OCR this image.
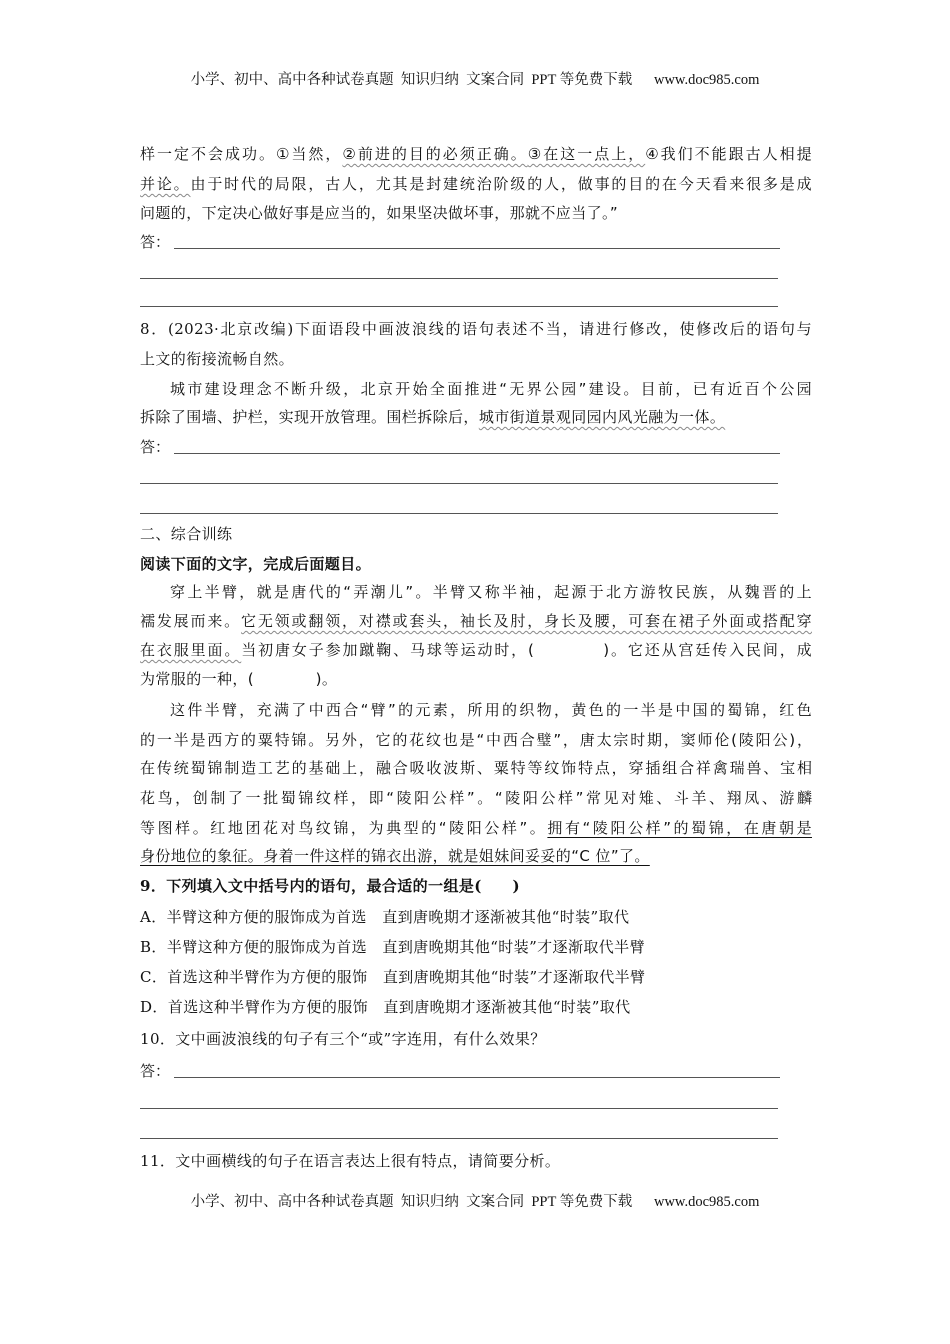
小学、初中、高中各种试卷真题  知识归纳  文案合同  PPT 等免费下载      www.doc985.com
样一定不会成功。①当然，②前进的目的必须正确。③在这一点上，④我们不能跟古人相提
并论。由于时代的局限，古人，尤其是封建统治阶级的人，做事的目的在今天看来很多是成
问题的，下定决心做好事是应当的，如果坚决做坏事，那就不应当了。”
答：
8．(2023·北京改编)下面语段中画波浪线的语句表述不当，请进行修改，使修改后的语句与
上文的衔接流畅自然。
城市建设理念不断升级，北京开始全面推进“无界公园”建设。目前，已有近百个公园
拆除了围墙、护栏，实现开放管理。围栏拆除后，城市街道景观同园内风光融为一体。
答：
二、综合训练
阅读下面的文字，完成后面题目。
穿上半臂，就是唐代的“弄潮儿”。半臂又称半袖，起源于北方游牧民族，从魏晋的上
襦发展而来。它无领或翻领，对襟或套头，袖长及肘，身长及腰，可套在裙子外面或搭配穿
在衣服里面。当初唐女子参加蹴鞠、马球等运动时，(　　　　)。它还从宫廷传入民间，成
为常服的一种，(　　　　)。
这件半臂，充满了中西合“臂”的元素，所用的织物，黄色的一半是中国的蜀锦，红色
的一半是西方的粟特锦。另外，它的花纹也是“中西合璧”，唐太宗时期，窦师伦(陵阳公)，
在传统蜀锦制造工艺的基础上，融合吸收波斯、粟特等纹饰特点，穿插组合祥禽瑞兽、宝相
花鸟，创制了一批蜀锦纹样，即“陵阳公样”。“陵阳公样”常见对雉、斗羊、翔凤、游麟
等图样。红地团花对鸟纹锦，为典型的“陵阳公样”。拥有“陵阳公样”的蜀锦，在唐朝是
身份地位的象征。身着一件这样的锦衣出游，就是姐妹间妥妥的“C 位”了。
9．下列填入文中括号内的语句，最合适的一组是(　　)
A．半臂这种方便的服饰成为首选　直到唐晚期才逐渐被其他“时装”取代
B．半臂这种方便的服饰成为首选　直到唐晚期其他“时装”才逐渐取代半臂
C．首选这种半臂作为方便的服饰　直到唐晚期其他“时装”才逐渐取代半臂
D．首选这种半臂作为方便的服饰　直到唐晚期才逐渐被其他“时装”取代
10．文中画波浪线的句子有三个“或”字连用，有什么效果？
答：
11．文中画横线的句子在语言表达上很有特点，请简要分析。
小学、初中、高中各种试卷真题  知识归纳  文案合同  PPT 等免费下载      www.doc985.com
